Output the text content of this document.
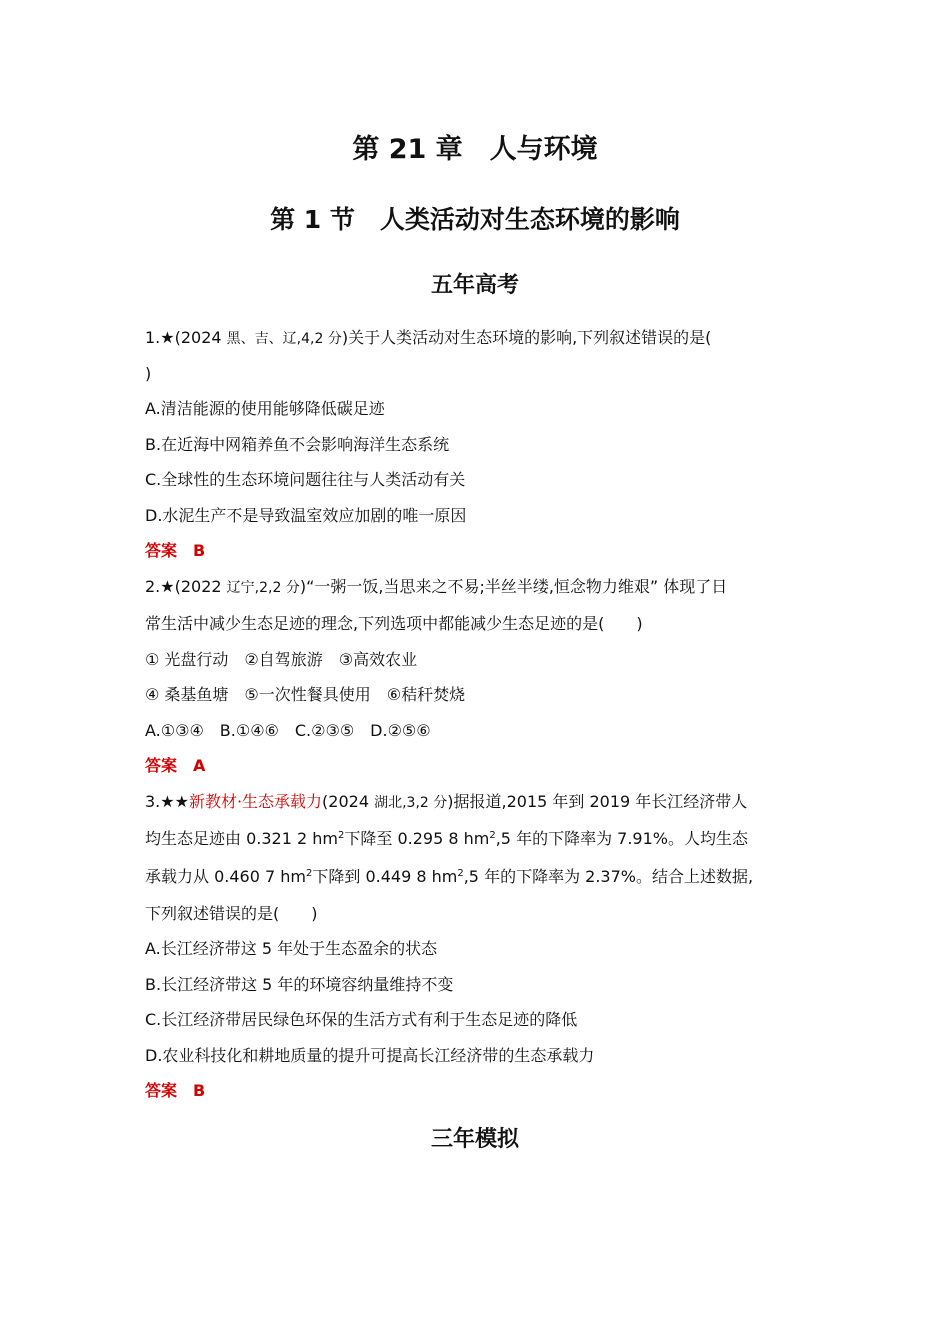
第 21 章　人与环境
第 1 节　人类活动对生态环境的影响
五年高考
1.★(2024 黑、吉、辽,4,2 分)关于人类活动对生态环境的影响,下列叙述错误的是(
)
A.清洁能源的使用能够降低碳足迹
B.在近海中网箱养鱼不会影响海洋生态系统
C.全球性的生态环境问题往往与人类活动有关
D.水泥生产不是导致温室效应加剧的唯一原因
答案　B
2.★(2022 辽宁,2,2 分)“一粥一饭,当思来之不易;半丝半缕,恒念物力维艰” 体现了日
常生活中减少生态足迹的理念,下列选项中都能减少生态足迹的是(　　)
① 光盘行动　②自驾旅游　③高效农业
④ 桑基鱼塘　⑤一次性餐具使用　⑥秸秆焚烧
A.①③④　B.①④⑥　C.②③⑤　D.②⑤⑥
答案　A
3.★★新教材·生态承载力(2024 湖北,3,2 分)据报道,2015 年到 2019 年长江经济带人
均生态足迹由 0.321 2 $hm^2$下降至 0.295 8 $hm^2,5$ 年的下降率为 7.91%。人均生态
承载力从 0.460 7 $hm^2$下降到 0.449 8 $hm^2,5$ 年的下降率为 2.37%。结合上述数据,
下列叙述错误的是(　　)
A.长江经济带这 5 年处于生态盈余的状态
B.长江经济带这 5 年的环境容纳量维持不变
C.长江经济带居民绿色环保的生活方式有利于生态足迹的降低
D.农业科技化和耕地质量的提升可提高长江经济带的生态承载力
答案　B
三年模拟
